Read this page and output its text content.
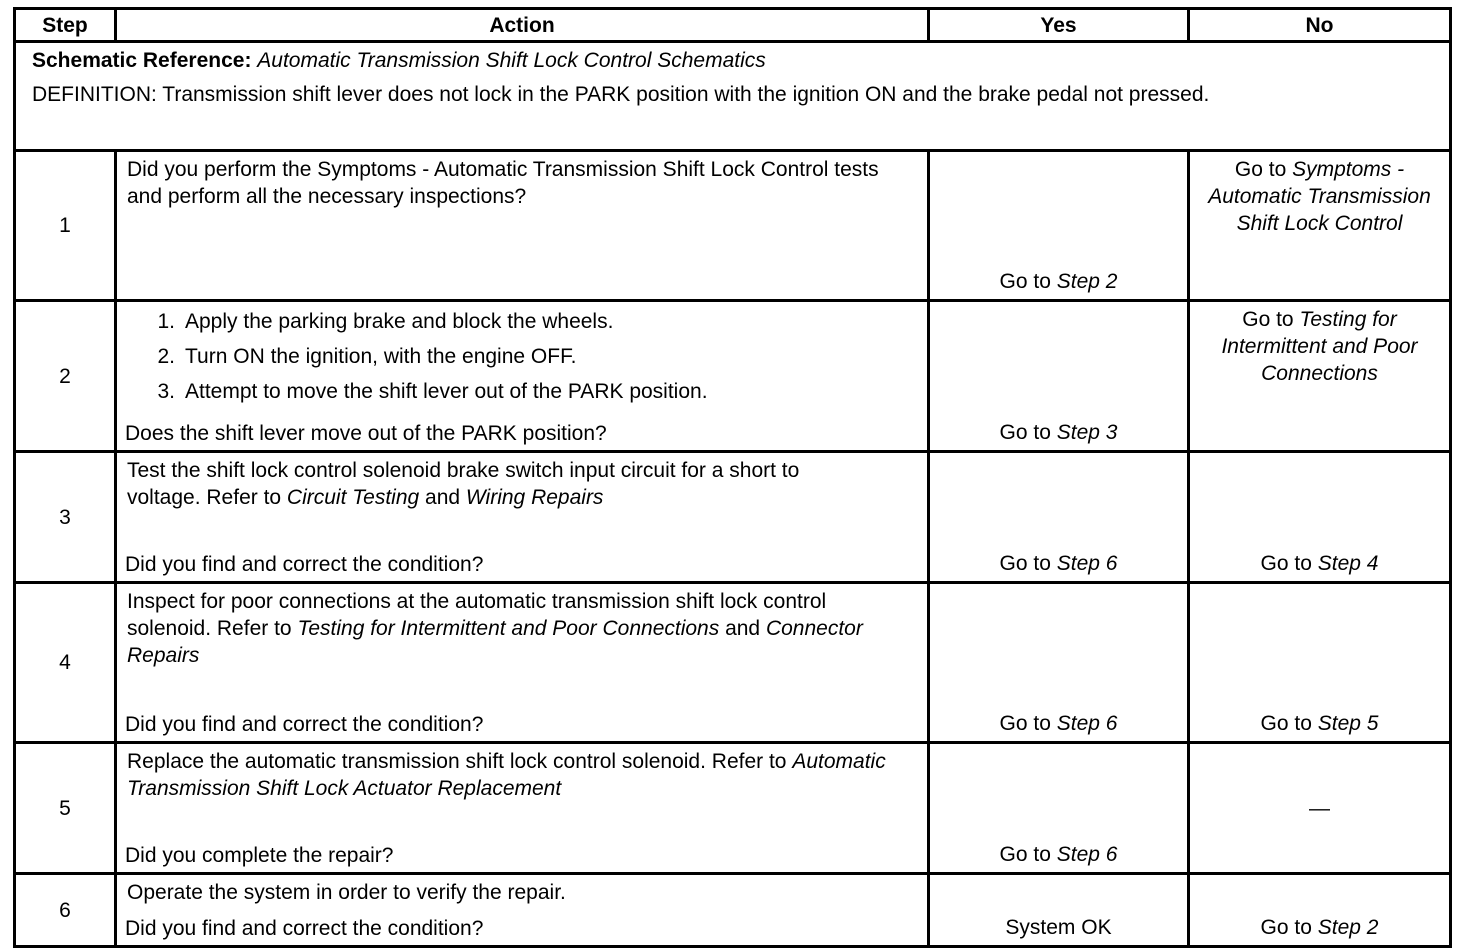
Step	Action	Yes	No

Schematic Reference: Automatic Transmission Shift Lock Control Schematics
DEFINITION: Transmission shift lever does not lock in the PARK position with the ignition ON and the brake pedal not pressed.			

1	Did you perform the Symptoms - Automatic Transmission Shift Lock Control tests and perform all the necessary inspections?	Go to Step 2	Go to Symptoms - Automatic Transmission Shift Lock Control

2	1. Apply the parking brake and block the wheels.
2. Turn ON the ignition, with the engine OFF.
3. Attempt to move the shift lever out of the PARK position.
Does the shift lever move out of the PARK position?	Go to Step 3	Go to Testing for Intermittent and Poor Connections

3	Test the shift lock control solenoid brake switch input circuit for a short to voltage. Refer to Circuit Testing and Wiring Repairs
Did you find and correct the condition?	Go to Step 6	Go to Step 4

4	Inspect for poor connections at the automatic transmission shift lock control solenoid. Refer to Testing for Intermittent and Poor Connections and Connector Repairs
Did you find and correct the condition?	Go to Step 6	Go to Step 5

5	Replace the automatic transmission shift lock control solenoid. Refer to Automatic Transmission Shift Lock Actuator Replacement
Did you complete the repair?	Go to Step 6	—
6	Operate the system in order to verify the repair.
Did you find and correct the condition?	System OK	Go to Step 2
